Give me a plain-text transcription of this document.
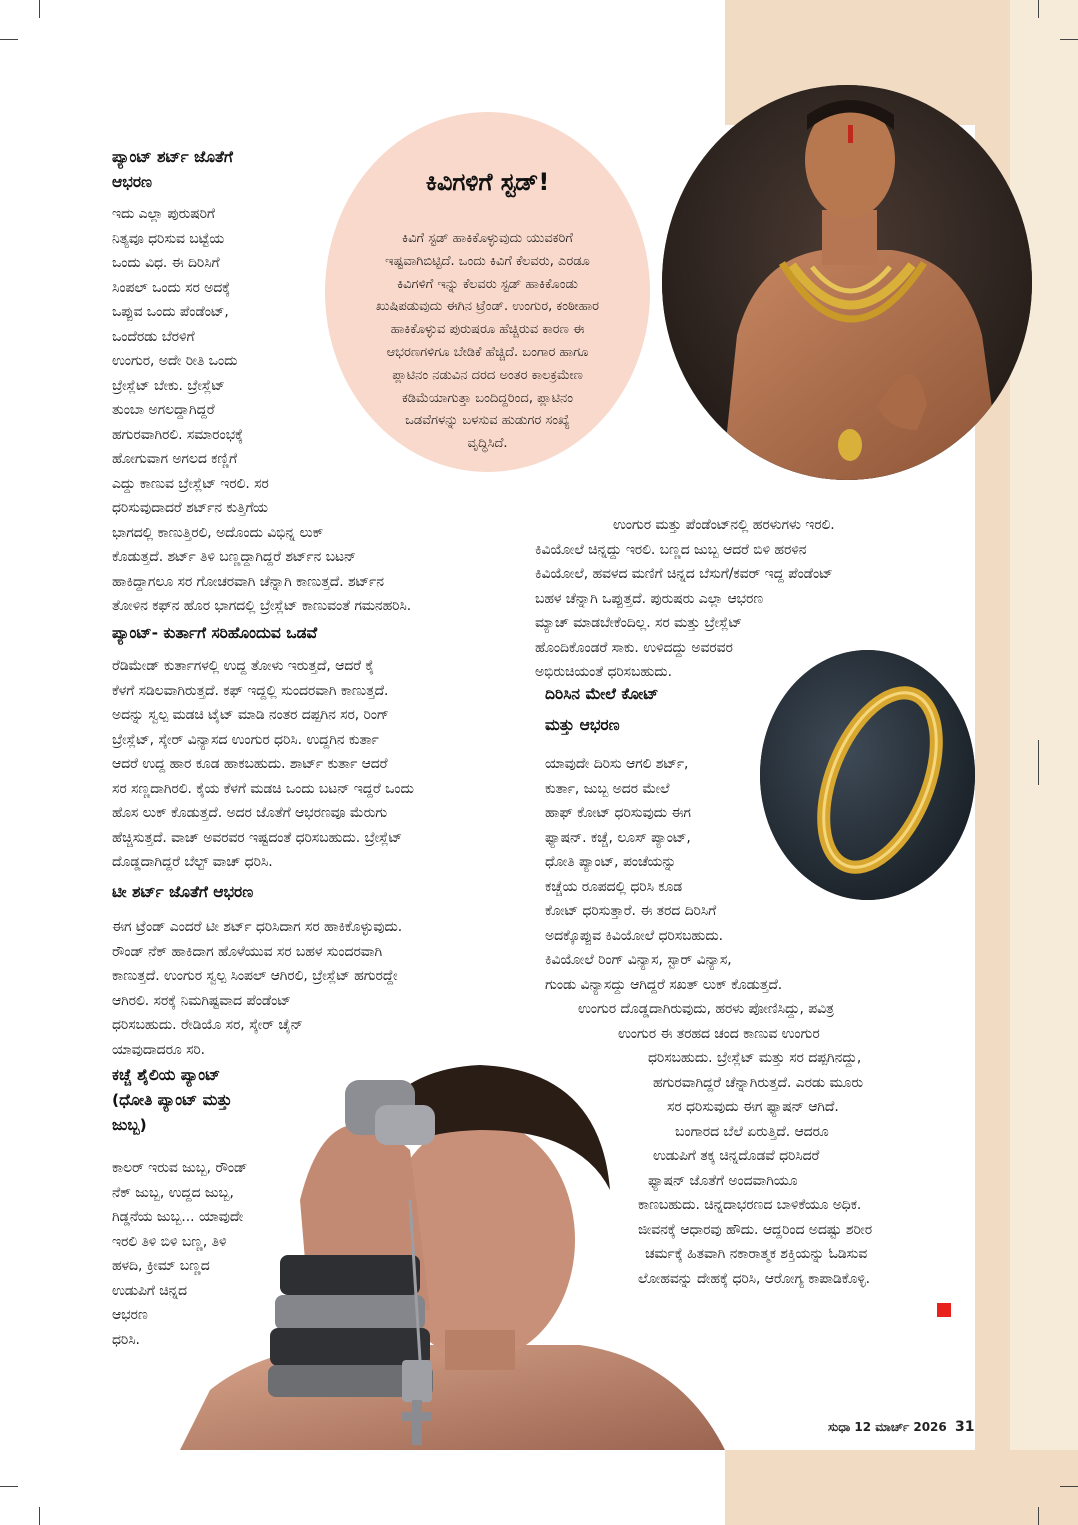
ಕಿವಿಗಳಿಗೆ ಸ್ಟಡ್!
ಕಿವಿಗೆ ಸ್ಟಡ್ ಹಾಕಿಕೊಳ್ಳುವುದು ಯುವಕರಿಗೆ
ಇಷ್ಟವಾಗಿಬಿಟ್ಟಿದೆ. ಒಂದು ಕಿವಿಗೆ ಕೆಲವರು, ಎರಡೂ
ಕಿವಿಗಳಿಗೆ ಇನ್ನು ಕೆಲವರು ಸ್ಟಡ್ ಹಾಕಿಕೊಂಡು
ಖುಷಿಪಡುವುದು ಈಗಿನ ಟ್ರೆಂಡ್. ಉಂಗುರ, ಕಂಠೀಹಾರ
ಹಾಕಿಕೊಳ್ಳುವ ಪುರುಷರೂ ಹೆಚ್ಚಿರುವ ಕಾರಣ ಈ
ಆಭರಣಗಳಿಗೂ ಬೇಡಿಕೆ ಹೆಚ್ಚಿದೆ. ಬಂಗಾರ ಹಾಗೂ
ಪ್ಲಾಟಿನಂ ನಡುವಿನ ದರದ ಅಂತರ ಕಾಲಕ್ರಮೇಣ
ಕಡಿಮೆಯಾಗುತ್ತಾ ಬಂದಿದ್ದರಿಂದ, ಪ್ಲಾಟಿನಂ
ಒಡವೆಗಳನ್ನು ಬಳಸುವ ಹುಡುಗರ ಸಂಖ್ಯೆ
ವೃದ್ಧಿಸಿದೆ.
ಪ್ಯಾಂಟ್ ಶರ್ಟ್ ಜೊತೆಗೆ
ಆಭರಣ
ಇದು ಎಲ್ಲಾ ಪುರುಷರಿಗೆ
ನಿತ್ಯವೂ ಧರಿಸುವ ಬಟ್ಟೆಯ
ಒಂದು ವಿಧ. ಈ ದಿರಿಸಿಗೆ
ಸಿಂಪಲ್ ಒಂದು ಸರ ಅದಕ್ಕೆ
ಒಪ್ಪುವ ಒಂದು ಪೆಂಡೆಂಟ್,
ಒಂದೆರಡು ಬೆರಳಿಗೆ
ಉಂಗುರ, ಅದೇ ರೀತಿ ಒಂದು
ಬ್ರೇಸ್ಲೆಟ್ ಬೇಕು. ಬ್ರೇಸ್ಲೆಟ್
ತುಂಬಾ ಅಗಲದ್ದಾಗಿದ್ದರೆ
ಹಗುರವಾಗಿರಲಿ. ಸಮಾರಂಭಕ್ಕೆ
ಹೋಗುವಾಗ ಅಗಲದ ಕಣ್ಣಿಗೆ
ಎದ್ದು ಕಾಣುವ ಬ್ರೇಸ್ಲೆಟ್ ಇರಲಿ. ಸರ
ಧರಿಸುವುದಾದರೆ ಶರ್ಟ್‌ನ ಕುತ್ತಿಗೆಯ
ಭಾಗದಲ್ಲಿ ಕಾಣುತ್ತಿರಲಿ, ಅದೊಂದು ವಿಭಿನ್ನ ಲುಕ್
ಕೊಡುತ್ತದೆ. ಶರ್ಟ್ ತಿಳಿ ಬಣ್ಣದ್ದಾಗಿದ್ದರೆ ಶರ್ಟ್‌ನ ಬಟನ್
ಹಾಕಿದ್ದಾಗಲೂ ಸರ ಗೋಚರವಾಗಿ ಚೆನ್ನಾಗಿ ಕಾಣುತ್ತದೆ. ಶರ್ಟ್‌ನ
ತೋಳಿನ ಕಫ್‌ನ ಹೊರ ಭಾಗದಲ್ಲಿ ಬ್ರೇಸ್ಲೆಟ್ ಕಾಣುವಂತೆ ಗಮನಹರಿಸಿ.
ಪ್ಯಾಂಟ್- ಕುರ್ತಾಗೆ ಸರಿಹೊಂದುವ ಒಡವೆ
ರೆಡಿಮೇಡ್ ಕುರ್ತಾಗಳಲ್ಲಿ ಉದ್ದ ತೋಳು ಇರುತ್ತದೆ, ಆದರೆ ಕೈ
ಕೆಳಗೆ ಸಡಿಲವಾಗಿರುತ್ತದೆ. ಕಫ್ ಇದ್ದಲ್ಲಿ ಸುಂದರವಾಗಿ ಕಾಣುತ್ತದೆ.
ಅದನ್ನು ಸ್ವಲ್ಪ ಮಡಚಿ ಟೈಟ್ ಮಾಡಿ ನಂತರ ದಪ್ಪಗಿನ ಸರ, ರಿಂಗ್
ಬ್ರೇಸ್ಲೆಟ್, ಸ್ಕೇರ್ ವಿನ್ಯಾಸದ ಉಂಗುರ ಧರಿಸಿ. ಉದ್ದಗಿನ ಕುರ್ತಾ
ಆದರೆ ಉದ್ದ ಹಾರ ಕೂಡ ಹಾಕಬಹುದು. ಶಾರ್ಟ್ ಕುರ್ತಾ ಆದರೆ
ಸರ ಸಣ್ಣದಾಗಿರಲಿ. ಕೈಯ ಕೆಳಗೆ ಮಡಚಿ ಒಂದು ಬಟನ್ ಇದ್ದರೆ ಒಂದು
ಹೊಸ ಲುಕ್ ಕೊಡುತ್ತದೆ. ಅದರ ಜೊತೆಗೆ ಆಭರಣವೂ ಮೆರುಗು
ಹೆಚ್ಚಿಸುತ್ತದೆ. ವಾಚ್ ಅವರವರ ಇಷ್ಟದಂತೆ ಧರಿಸಬಹುದು. ಬ್ರೇಸ್ಲೆಟ್
ದೊಡ್ಡದಾಗಿದ್ದರೆ ಬೆಲ್ಟ್ ವಾಚ್ ಧರಿಸಿ.
ಟೀ ಶರ್ಟ್ ಜೊತೆಗೆ ಆಭರಣ
ಈಗ ಟ್ರೆಂಡ್ ಎಂದರೆ ಟೀ ಶರ್ಟ್ ಧರಿಸಿದಾಗ ಸರ ಹಾಕಿಕೊಳ್ಳುವುದು.
ರೌಂಡ್ ನೆಕ್ ಹಾಕಿದಾಗ ಹೊಳೆಯುವ ಸರ ಬಹಳ ಸುಂದರವಾಗಿ
ಕಾಣುತ್ತದೆ. ಉಂಗುರ ಸ್ವಲ್ಪ ಸಿಂಪಲ್ ಆಗಿರಲಿ, ಬ್ರೇಸ್ಲೆಟ್ ಹಗುರದ್ದೇ
ಆಗಿರಲಿ. ಸರಕ್ಕೆ ನಿಮಗಿಷ್ಟವಾದ ಪೆಂಡೆಂಟ್
ಧರಿಸಬಹುದು. ರೇಡಿಯೊ ಸರ, ಸ್ಕೇರ್ ಚೈನ್
ಯಾವುದಾದರೂ ಸರಿ.
ಕಚ್ಚೆ ಶೈಲಿಯ ಪ್ಯಾಂಟ್
(ಧೋತಿ ಪ್ಯಾಂಟ್ ಮತ್ತು
ಜುಬ್ಬ)
ಕಾಲರ್ ಇರುವ ಜುಬ್ಬ, ರೌಂಡ್
ನೆಕ್ ಜುಬ್ಬ, ಉದ್ದದ ಜುಬ್ಬ,
ಗಿಡ್ಡನೆಯ ಜುಬ್ಬ... ಯಾವುದೇ
ಇರಲಿ ತಿಳಿ ಬಿಳಿ ಬಣ್ಣ, ತಿಳಿ
ಹಳದಿ, ಕ್ರೀಮ್ ಬಣ್ಣದ
ಉಡುಪಿಗೆ ಚಿನ್ನದ
ಆಭರಣ
ಧರಿಸಿ.
ಉಂಗುರ ಮತ್ತು ಪೆಂಡೆಂಟ್‌ನಲ್ಲಿ ಹರಳುಗಳು ಇರಲಿ.
ಕಿವಿಯೋಲೆ ಚಿನ್ನದ್ದು ಇರಲಿ. ಬಣ್ಣದ ಜುಬ್ಬ ಆದರೆ ಬಿಳಿ ಹರಳಿನ
ಕಿವಿಯೋಲೆ, ಹವಳದ ಮಣಿಗೆ ಚಿನ್ನದ ಬೆಸುಗೆ/ಕವರ್ ಇದ್ದ ಪೆಂಡೆಂಟ್
ಬಹಳ ಚೆನ್ನಾಗಿ ಒಪ್ಪುತ್ತದೆ. ಪುರುಷರು ಎಲ್ಲಾ ಆಭರಣ
ಮ್ಯಾಚ್ ಮಾಡಬೇಕೆಂದಿಲ್ಲ. ಸರ ಮತ್ತು ಬ್ರೇಸ್ಲೆಟ್
ಹೊಂದಿಕೊಂಡರೆ ಸಾಕು. ಉಳಿದದ್ದು ಅವರವರ
ಅಭಿರುಚಿಯಂತೆ ಧರಿಸಬಹುದು.
ದಿರಿಸಿನ ಮೇಲೆ ಕೋಟ್
ಮತ್ತು ಆಭರಣ
ಯಾವುದೇ ದಿರಿಸು ಆಗಲಿ ಶರ್ಟ್,
ಕುರ್ತಾ, ಜುಬ್ಬ ಅದರ ಮೇಲೆ
ಹಾಫ್ ಕೋಟ್ ಧರಿಸುವುದು ಈಗ
ಫ್ಯಾಷನ್. ಕಚ್ಚೆ, ಲೂಸ್ ಪ್ಯಾಂಟ್,
ಧೋತಿ ಪ್ಯಾಂಟ್, ಪಂಚೆಯನ್ನು
ಕಚ್ಚೆಯ ರೂಪದಲ್ಲಿ ಧರಿಸಿ ಕೂಡ
ಕೋಟ್ ಧರಿಸುತ್ತಾರೆ. ಈ ತರದ ದಿರಿಸಿಗೆ
ಅದಕ್ಕೊಪ್ಪುವ ಕಿವಿಯೋಲೆ ಧರಿಸಬಹುದು.
ಕಿವಿಯೋಲೆ ರಿಂಗ್ ವಿನ್ಯಾಸ, ಸ್ಟಾರ್ ವಿನ್ಯಾಸ,
ಗುಂಡು ವಿನ್ಯಾಸದ್ದು ಆಗಿದ್ದರೆ ಸಖತ್ ಲುಕ್ ಕೊಡುತ್ತದೆ.
ಉಂಗುರ ದೊಡ್ಡದಾಗಿರುವುದು, ಹರಳು ಪೋಣಿಸಿದ್ದು, ಪವಿತ್ರ
ಉಂಗುರ ಈ ತರಹದ ಚಂದ ಕಾಣುವ ಉಂಗುರ
ಧರಿಸಬಹುದು. ಬ್ರೇಸ್ಲೆಟ್ ಮತ್ತು ಸರ ದಪ್ಪಗಿನದ್ದು,
ಹಗುರವಾಗಿದ್ದರೆ ಚೆನ್ನಾಗಿರುತ್ತದೆ. ಎರಡು ಮೂರು
ಸರ ಧರಿಸುವುದು ಈಗ ಫ್ಯಾಷನ್ ಆಗಿದೆ.
ಬಂಗಾರದ ಬೆಲೆ ಏರುತ್ತಿದೆ. ಆದರೂ
ಉಡುಪಿಗೆ ತಕ್ಕ ಚಿನ್ನದೊಡವೆ ಧರಿಸಿದರೆ
ಫ್ಯಾಷನ್ ಜೊತೆಗೆ ಅಂದವಾಗಿಯೂ
ಕಾಣಬಹುದು. ಚಿನ್ನದಾಭರಣದ ಬಾಳಿಕೆಯೂ ಅಧಿಕ.
ಜೀವನಕ್ಕೆ ಆಧಾರವು ಹೌದು. ಆದ್ದರಿಂದ ಅದಷ್ಟು ಶರೀರ
ಚರ್ಮಕ್ಕೆ ಹಿತವಾಗಿ ನಕಾರಾತ್ಮಕ ಶಕ್ತಿಯನ್ನು ಓಡಿಸುವ
ಲೋಹವನ್ನು ದೇಹಕ್ಕೆ ಧರಿಸಿ, ಆರೋಗ್ಯ ಕಾಪಾಡಿಕೊಳ್ಳಿ.
ಸುಧಾ 12 ಮಾರ್ಚ್ 2026 31
